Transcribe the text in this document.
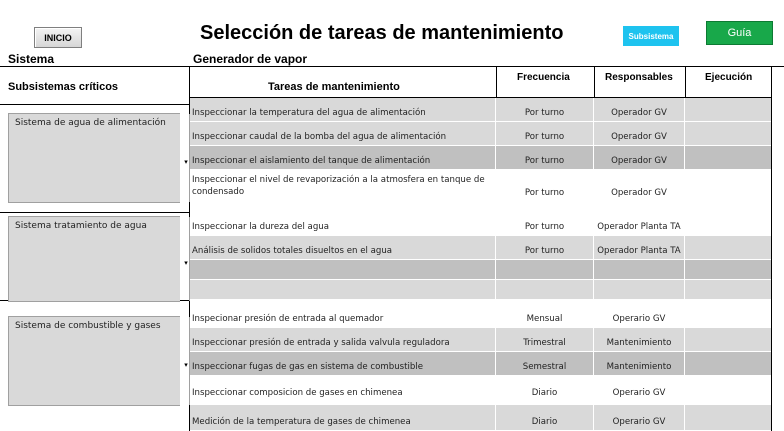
INICIO	Selección de tareas de mantenimiento	Subsistema	Guía
Sistema	Generador de vapor
Subsistemas críticos	Tareas de mantenimiento
Frecuencia	Responsables	Ejecución
Sistema de agua de alimentación
▾
Sistema tratamiento de agua
▾
Sistema de combustible y gases
▾
Inspeccionar la temperatura del agua de alimentación	Por turno	Operador GV
Inspeccionar caudal de la bomba del agua de alimentación	Por turno	Operador GV
Inspeccionar el aislamiento del tanque de alimentación	Por turno	Operador GV
Inspeccionar el nivel de revaporización a la atmosfera en tanque de condensado	Por turno	Operador GV
Inspeccionar la dureza del agua	Por turno	Operador Planta TA
Análisis de solidos totales disueltos en el agua	Por turno	Operador Planta TA
Inspecionar presión de entrada al quemador	Mensual	Operario GV
Inspeccionar presión de entrada y salida valvula reguladora	Trimestral	Mantenimiento
Inspeccionar fugas de gas en sistema de combustible	Semestral	Mantenimiento
Inspeccionar composicion de gases en chimenea	Diario	Operario GV
Medición de la temperatura de gases de chimenea	Diario	Operario GV
